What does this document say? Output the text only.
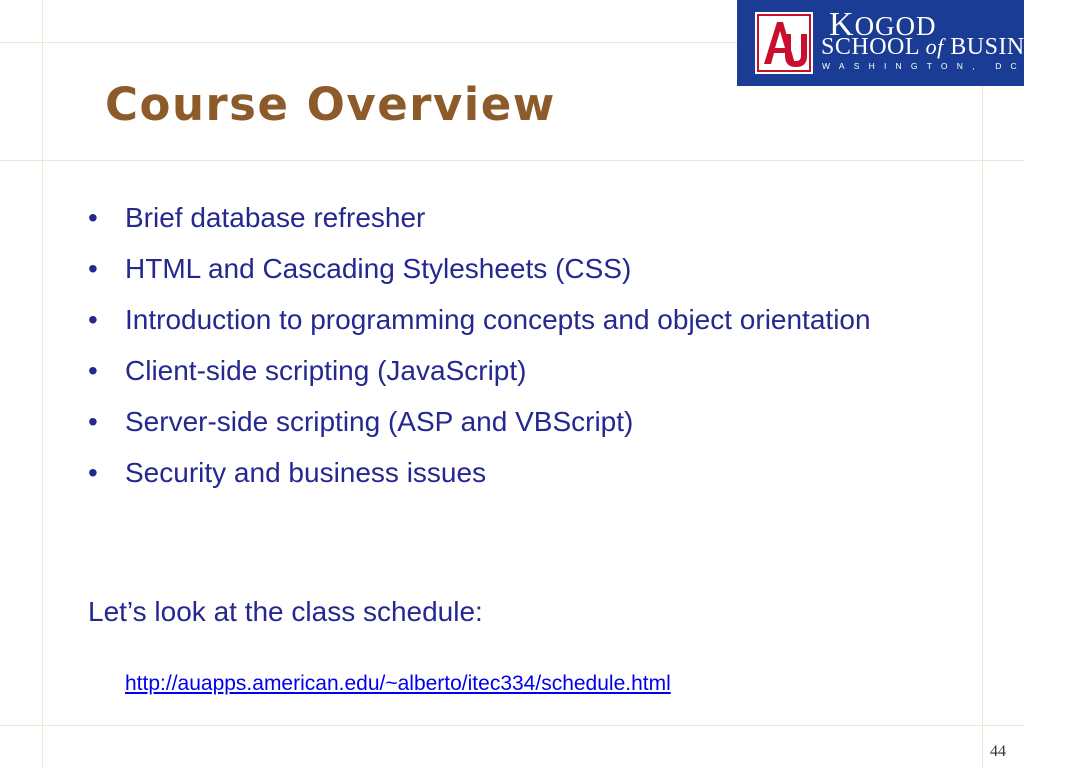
KOGOD
SCHOOL of BUSINESS
WASHINGTON, DC
Course Overview
• Brief database refresher
• HTML and Cascading Stylesheets (CSS)
• Introduction to programming concepts and object orientation
• Client-side scripting (JavaScript)
• Server-side scripting (ASP and VBScript)
• Security and business issues

Let’s look at the class schedule:

http://auapps.american.edu/~alberto/itec334/schedule.html
44
